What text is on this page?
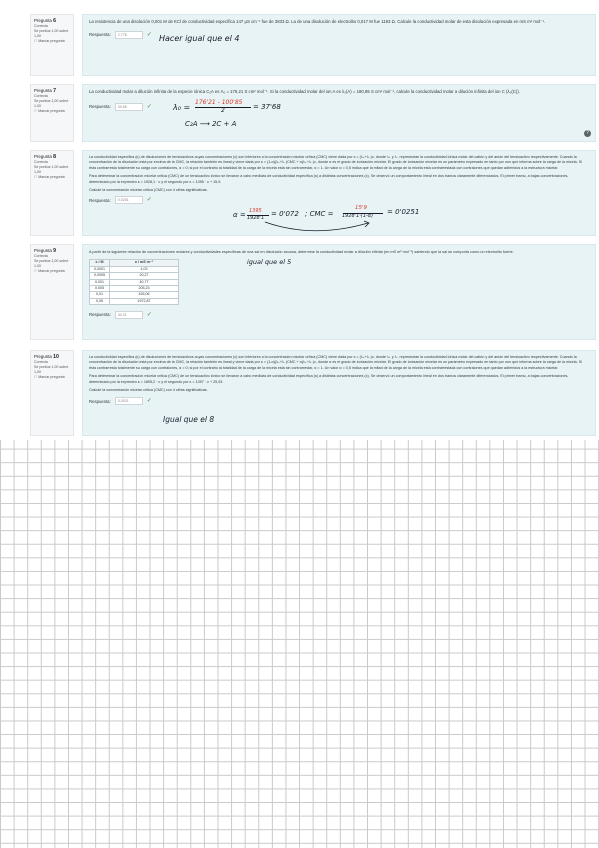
Pregunta 6
Correcta
Se puntúa 1,00 sobre 1,00
⚐ Marcar pregunta

La resistencia de una disolución 0,001 M de KCl de conductividad específica 147 µS cm⁻¹ fue de 3833 Ω. La de una disolución de electrolito 0,017 M fue 1193 Ω. Calcule la conductividad molar de esta disolución expresada en mS m² mol⁻¹.

Respuesta:	2,778	✓ Hacer igual que el 4
Pregunta 7
Correcta
Se puntúa 1,00 sobre 1,00
⚐ Marcar pregunta

La conductividad molar a dilución infinita de la especie iónica C₂A es Λ₀ = 176,21 S cm² mol⁻¹. Si la conductividad molar del ion A es λ₀(A) = 180,85 S cm² mol⁻¹, calcule la conductividad molar a dilución infinita del ion C (λ₀(C)).

Respuesta:	39,68	✓	λ₀ =
176'21 - 100'85
2	= 37'68
C₂A ⟶ 2C + A
?
Pregunta 8
Correcta
Se puntúa 1,00 sobre 1,00
⚐ Marcar pregunta

La conductividad específica (κ) de disoluciones de tensioactivos cuyas concentraciones (c) son inferiores a la concentración micelar crítica (CMC) viene dada por κ = (λ₊+λ₋)c, donde λ₊ y λ₋ representan la conductividad iónica molar del catión y del anión del tensioactivo respectivamente. Cuando la concentración de la disolución está por encima de la CMC, la relación también es lineal y viene dada por κ = (1-α)(λ₊+λ₋)CMC + α(λ₊+λ₋)c, donde α es el grado de ionización micelar. El grado de ionización micelar es un parámetro expresado en tanto por uno que informa sobre la carga de la micela. Si ésta contrarresta totalmente su carga con contraiones, α = 0; si por el contrario la totalidad de la carga de la micela está sin contrarrestar, α = 1. Un valor α = 0,5 indica que la mitad de la carga de la micela está contrarrestada con contraiones que quedan adheridos a la estructura micelar.

Para determinar la concentración micelar crítica (CMC) de un tensioactivo iónico se llevaron a cabo medidas de conductividad específica (κ) a distintas concentraciones (c). Se observó un comportamiento lineal en dos tramos claramente diferenciados. El primer tramo, a bajas concentraciones, determinado por la expresión κ = 1928,1 · c y el segundo por κ = 1395 · c + 15,9.

Calcule la concentración micelar crítica (CMC) con 4 cifras significativas.

Respuesta:	0,0251	✓
α = 1395
1928'1 = 0'072 ; CMC =
15'9
1928'1·(1-α) = 0'0251
Pregunta 9
Correcta
Se puntúa 1,00 sobre 1,00
⚐ Marcar pregunta

A partir de la siguiente relación de concentraciones molares y conductividades específicas de una sal en disolución acuosa, determine la conductividad molar a dilución infinita (en mS m² mol⁻¹) sabiendo que la sal se comporta como un electrolito fuerte.

c / M	κ / mS m⁻¹
0,0001	4,03
0,0005	20,27
0,001	40,77
0,005	205,23
0,01	426,06
0,05	1972,87
Respuesta:	40,31	✓
igual que el 5
Pregunta 10
Correcta
Se puntúa 1,00 sobre 1,00
⚐ Marcar pregunta

La conductividad específica (κ) de disoluciones de tensioactivos cuyas concentraciones (c) son inferiores a la concentración micelar crítica (CMC) viene dada por κ = (λ₊+λ₋)c, donde λ₊ y λ₋ representan la conductividad iónica molar del catión y del anión del tensioactivo respectivamente. Cuando la concentración de la disolución está por encima de la CMC, la relación también es lineal y viene dada por κ = (1-α)(λ₊+λ₋)CMC + α(λ₊+λ₋)c, donde α es el grado de ionización micelar. El grado de ionización micelar es un parámetro expresado en tanto por uno que informa sobre la carga de la micela. Si ésta contrarresta totalmente su carga con contraiones, α = 0; si por el contrario la totalidad de la carga de la micela está sin contrarrestar, α = 1. Un valor α = 0,5 indica que la mitad de la carga de la micela está contrarrestada con contraiones que quedan adheridos a la estructura micelar.

Para determinar la concentración micelar crítica (CMC) de un tensioactivo iónico se llevaron a cabo medidas de conductividad específica (κ) a distintas concentraciones (c). Se observó un comportamiento lineal en dos tramos claramente diferenciados. El primer tramo, a bajas concentraciones, determinado por la expresión κ = 1895,2 · c y el segundo por κ = 1397 · c + 25,93.

Calcule la concentración micelar crítica (CMC) con 4 cifras significativas.

Respuesta:	0,0521	✓
Igual que el 8
